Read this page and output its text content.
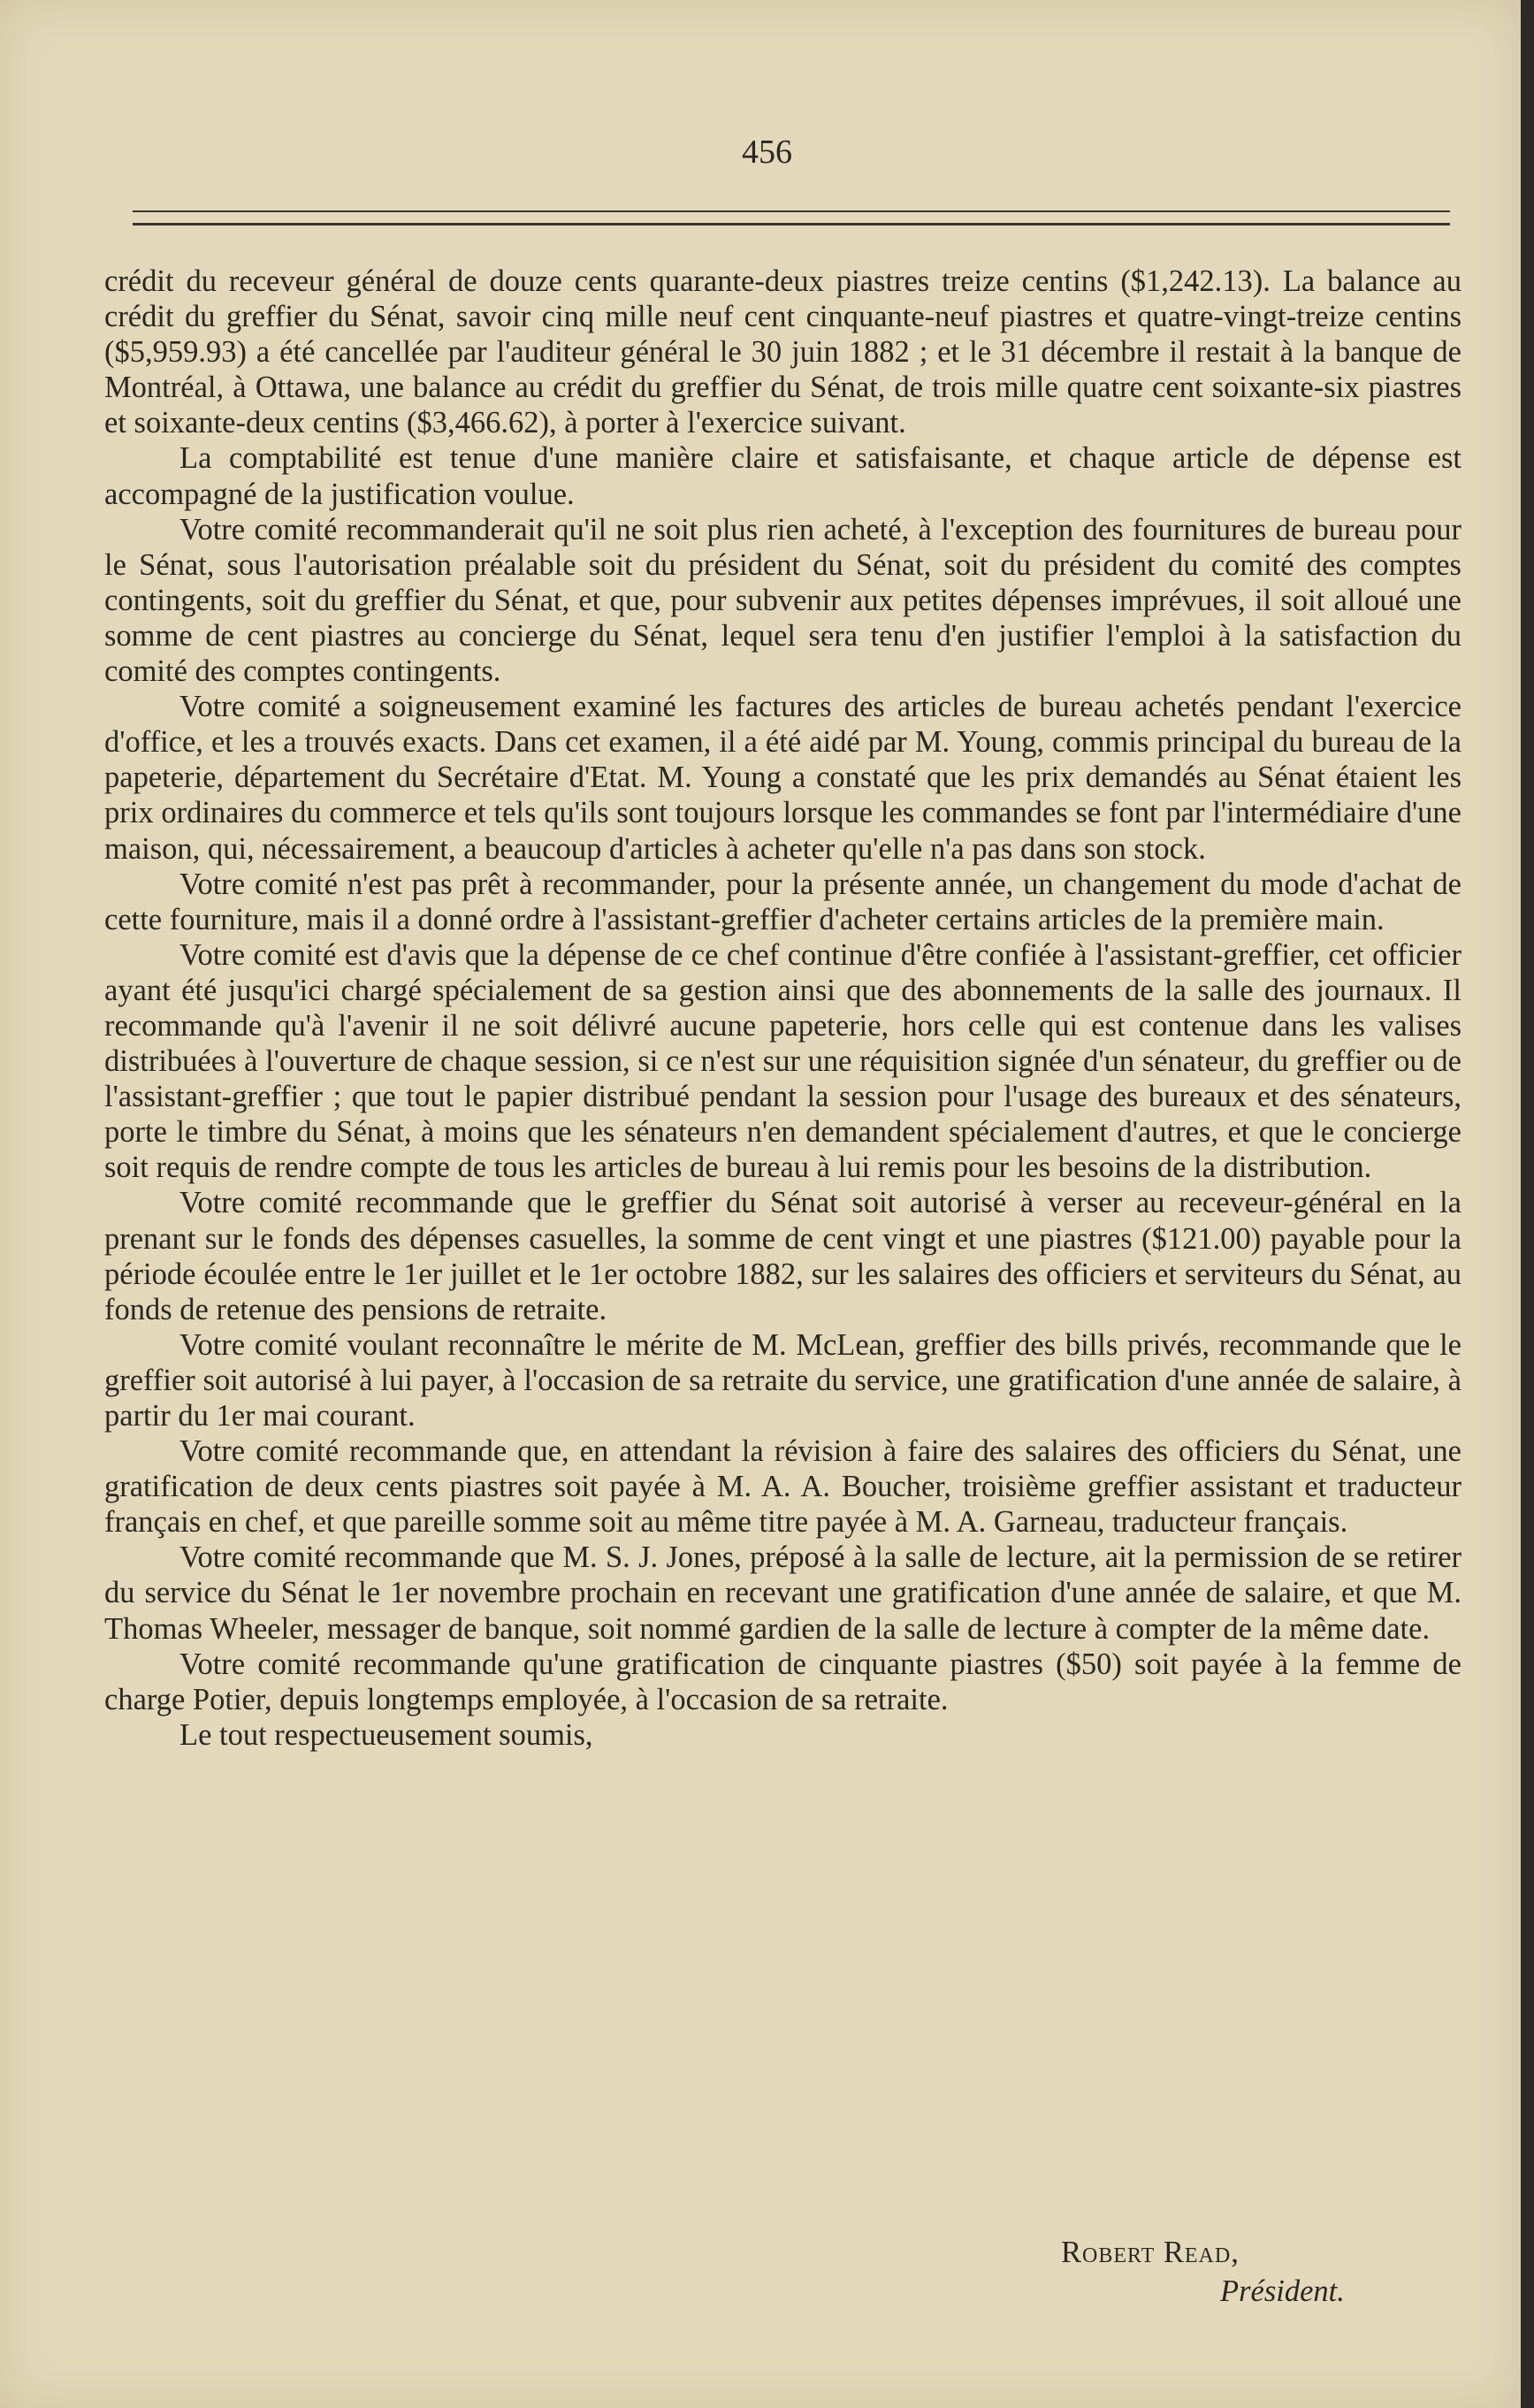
456

crédit du receveur général de douze cents quarante-deux piastres treize centins ($1,242.13). La balance au crédit du greffier du Sénat, savoir cinq mille neuf cent cinquante-neuf piastres et quatre-vingt-treize centins ($5,959.93) a été cancellée par l'auditeur général le 30 juin 1882 ; et le 31 décembre il restait à la banque de Montréal, à Ottawa, une balance au crédit du greffier du Sénat, de trois mille quatre cent soixante-six piastres et soixante-deux centins ($3,466.62), à porter à l'exercice suivant.

La comptabilité est tenue d'une manière claire et satisfaisante, et chaque article de dépense est accompagné de la justification voulue.

Votre comité recommanderait qu'il ne soit plus rien acheté, à l'exception des fournitures de bureau pour le Sénat, sous l'autorisation préalable soit du président du Sénat, soit du président du comité des comptes contingents, soit du greffier du Sénat, et que, pour subvenir aux petites dépenses imprévues, il soit alloué une somme de cent piastres au concierge du Sénat, lequel sera tenu d'en justifier l'emploi à la satisfaction du comité des comptes contingents.

Votre comité a soigneusement examiné les factures des articles de bureau achetés pendant l'exercice d'office, et les a trouvés exacts. Dans cet examen, il a été aidé par M. Young, commis principal du bureau de la papeterie, département du Secrétaire d'Etat. M. Young a constaté que les prix demandés au Sénat étaient les prix ordinaires du commerce et tels qu'ils sont toujours lorsque les commandes se font par l'intermédiaire d'une maison, qui, nécessairement, a beaucoup d'articles à acheter qu'elle n'a pas dans son stock.

Votre comité n'est pas prêt à recommander, pour la présente année, un changement du mode d'achat de cette fourniture, mais il a donné ordre à l'assistant-greffier d'acheter certains articles de la première main.

Votre comité est d'avis que la dépense de ce chef continue d'être confiée à l'assistant-greffier, cet officier ayant été jusqu'ici chargé spécialement de sa gestion ainsi que des abonnements de la salle des journaux. Il recommande qu'à l'avenir il ne soit délivré aucune papeterie, hors celle qui est contenue dans les valises distribuées à l'ouverture de chaque session, si ce n'est sur une réquisition signée d'un sénateur, du greffier ou de l'assistant-greffier ; que tout le papier distribué pendant la session pour l'usage des bureaux et des sénateurs, porte le timbre du Sénat, à moins que les sénateurs n'en demandent spécialement d'autres, et que le concierge soit requis de rendre compte de tous les articles de bureau à lui remis pour les besoins de la distribution.

Votre comité recommande que le greffier du Sénat soit autorisé à verser au receveur-général en la prenant sur le fonds des dépenses casuelles, la somme de cent vingt et une piastres ($121.00) payable pour la période écoulée entre le 1er juillet et le 1er octobre 1882, sur les salaires des officiers et serviteurs du Sénat, au fonds de retenue des pensions de retraite.

Votre comité voulant reconnaître le mérite de M. McLean, greffier des bills privés, recommande que le greffier soit autorisé à lui payer, à l'occasion de sa retraite du service, une gratification d'une année de salaire, à partir du 1er mai courant.

Votre comité recommande que, en attendant la révision à faire des salaires des officiers du Sénat, une gratification de deux cents piastres soit payée à M. A. A. Boucher, troisième greffier assistant et traducteur français en chef, et que pareille somme soit au même titre payée à M. A. Garneau, traducteur français.

Votre comité recommande que M. S. J. Jones, préposé à la salle de lecture, ait la permission de se retirer du service du Sénat le 1er novembre prochain en recevant une gratification d'une année de salaire, et que M. Thomas Wheeler, messager de banque, soit nommé gardien de la salle de lecture à compter de la même date.

Votre comité recommande qu'une gratification de cinquante piastres ($50) soit payée à la femme de charge Potier, depuis longtemps employée, à l'occasion de sa retraite.

Le tout respectueusement soumis,

Robert Read,
Président.
